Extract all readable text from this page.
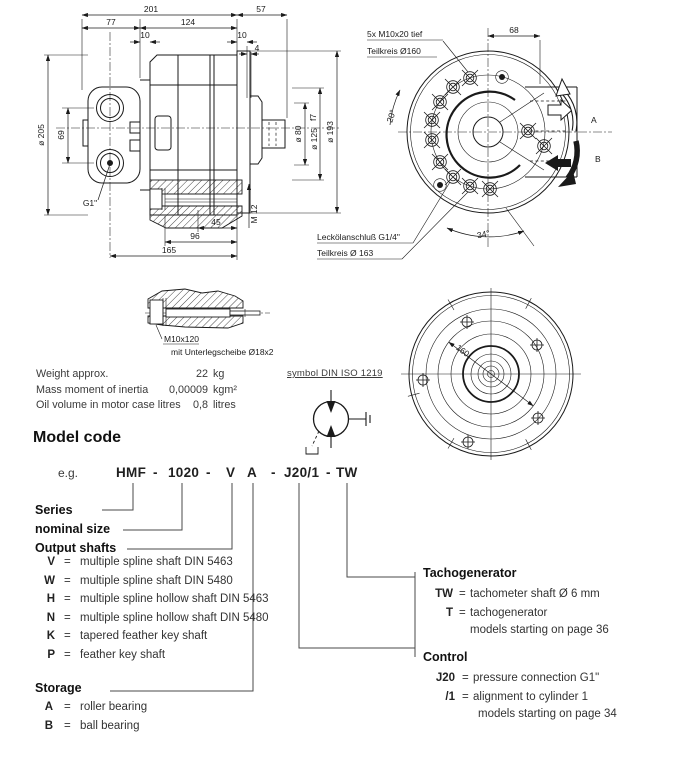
201	57
77	124
10	10
4
ø 205 69	ø 80 ø 125
f7
ø 193
M 12
G1"
45
96
165
A
B
68
20°
34°
5x M10x20 tief
Teilkreis Ø160
Leckölanschluß G1/4"
Teilkreis Ø 163
M10x120
mit Unterlegscheibe Ø18x2	160
symbol DIN ISO 1219
Weight approx.	22 kg
Mass moment of inertia	0,00009 kgm²
Oil volume in motor case litres	0,8 litres
Model code
e.g.	HMF - 1020 - V A - J20/1 - TW
Series
nominal size
Output shafts
V = multiple spline shaft DIN 5463
W = multiple spline shaft DIN 5480
H = multiple spline hollow shaft DIN 5463
N = multiple spline hollow shaft DIN 5480
K = tapered feather key shaft
P = feather key shaft
Storage
A = roller bearing
B = ball bearing
Tachogenerator
TW = tachometer shaft Ø 6 mm
T = tachogenerator
models starting on page 36
Control
J20 = pressure connection G1"
/1 = alignment to cylinder 1
models starting on page 34
